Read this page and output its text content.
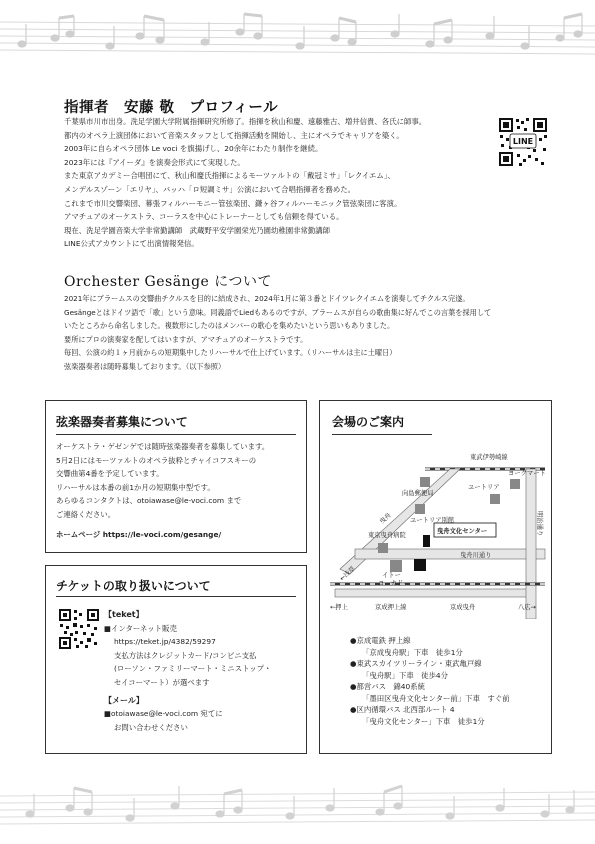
指揮者　安藤 敬　プロフィール
千葉県市川市出身。洗足学園大学附属指揮研究所修了。指揮を秋山和慶、遠藤雅古、増井信貴、各氏に師事。
都内のオペラ上演団体において音楽スタッフとして指揮活動を開始し、主にオペラでキャリアを築く。
2003年に自らオペラ団体 Le voci を旗揚げし、20余年にわたり制作を継続。
2023年には『アイーダ』を演奏会形式にて実現した。
また東京アカデミー合唱団にて、秋山和慶氏指揮によるモーツァルトの「戴冠ミサ」「レクイエム」、
メンデルスゾーン「エリヤ」、バッハ「ロ短調ミサ」公演において合唱指揮者を務めた。
これまで市川交響楽団、幕張フィルハーモニー管弦楽団、鎌ヶ谷フィルハーモニック管弦楽団に客演。
アマチュアのオーケストラ、コーラスを中心にトレーナーとしても信頼を得ている。
現在、洗足学園音楽大学非常勤講師　武蔵野平安学園栄光乃園幼稚園非常勤講師
LINE公式アカウントにて出演情報発信。
LINE
Orchester Gesänge について
2021年にブラームスの交響曲チクルスを目的に結成され、2024年1月に第３番とドイツレクイエムを演奏してチクルス完遂。
Gesängeとはドイツ語で「歌」という意味。同義語でLiedもあるのですが、ブラームスが自らの歌曲集に好んでこの言葉を採用して
いたところから命名しました。複数形にしたのはメンバーの歌心を集めたいという思いもありました。
要所にプロの演奏家を配してはいますが、アマチュアのオーケストラです。
毎回、公演の約１ヶ月前からの短期集中したリハーサルで仕上げています。（リハーサルは主に土曜日）
弦楽器奏者は随時募集しております。（以下参照）
弦楽器奏者募集について
オーケストラ・ゲゼンゲでは随時弦楽器奏者を募集しています。
5月2日にはモーツァルトのオペラ抜粋とチャイコフスキーの
交響曲第4番を予定しています。
リハーサルは本番の前1か月の短期集中型です。
あらゆるコンタクトは、otoiawase@le-voci.com まで
ご連絡ください。
ホームページ https://le-voci.com/gesange/
チケットの取り扱いについて
【teket】
■インターネット販売
https://teket.jp/4382/59297
支払方法はクレジットカード/コンビニ支払
(ローソン・ファミリーマート・ミニストップ・
セイコーマート）が選べます
【メール】
■otoiawase@le-voci.com 宛てに
お問い合わせください
会場のご案内
東武伊勢崎線
曳舟文化センター
ヨークマート
向島郵便局
ユートリア
ユートリア別館
曳舟	明治通り
東京曳舟病院
曳舟川通り
イトー
ヨーカドー
←浅草
←押上	京成押上線	京成曳舟	八広→
●京成電鉄 押上線
「京成曳舟駅」下車　徒歩1分
●東武スカイツリーライン・東武亀戸線
「曳舟駅」下車　徒歩4分
●都営バス　錦40系統
「墨田区曳舟文化センター前」下車　すぐ前
●区内循環バス 北西部ルート 4
「曳舟文化センター」下車　徒歩1分
